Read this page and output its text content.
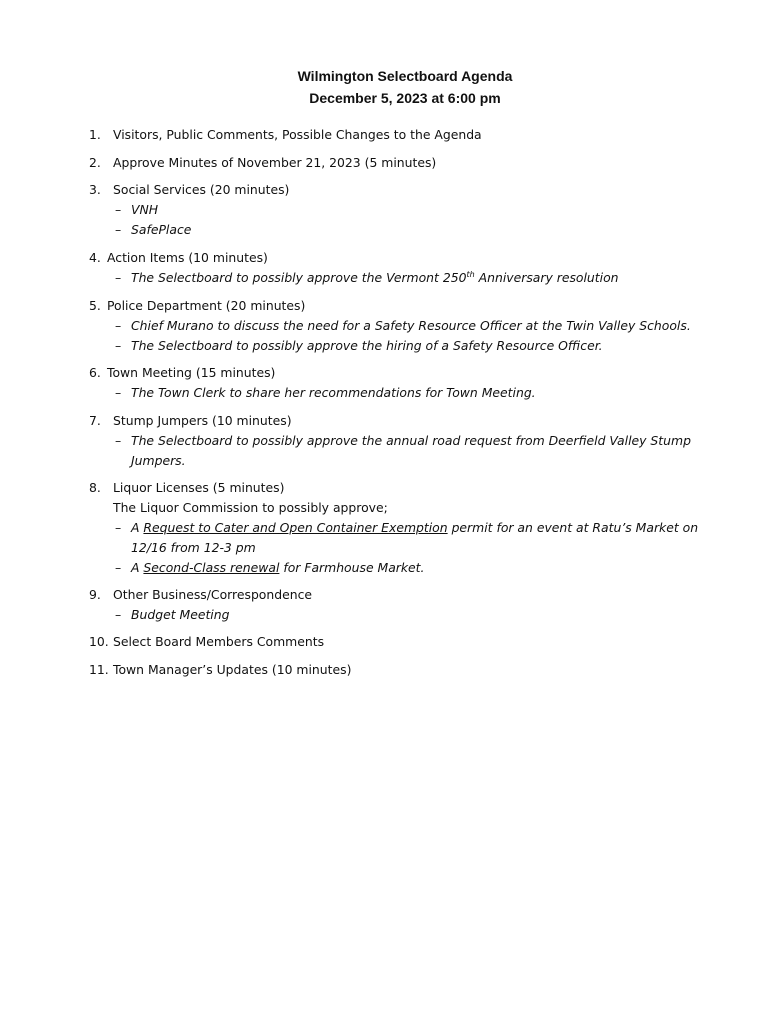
Wilmington Selectboard Agenda
December 5, 2023 at 6:00 pm
1. Visitors, Public Comments, Possible Changes to the Agenda
2. Approve Minutes of November 21, 2023 (5 minutes)
3. Social Services (20 minutes)
– VNH
– SafePlace
4. Action Items (10 minutes)
– The Selectboard to possibly approve the Vermont 250th Anniversary resolution
5. Police Department (20 minutes)
– Chief Murano to discuss the need for a Safety Resource Officer at the Twin Valley Schools.
– The Selectboard to possibly approve the hiring of a Safety Resource Officer.
6. Town Meeting (15 minutes)
– The Town Clerk to share her recommendations for Town Meeting.
7. Stump Jumpers (10 minutes)
– The Selectboard to possibly approve the annual road request from Deerfield Valley Stump
Jumpers.
8. Liquor Licenses (5 minutes)
The Liquor Commission to possibly approve;
– A Request to Cater and Open Container Exemption permit for an event at Ratu’s Market on
12/16 from 12-3 pm
– A Second-Class renewal for Farmhouse Market.
9. Other Business/Correspondence
– Budget Meeting
10. Select Board Members Comments
11. Town Manager’s Updates (10 minutes)
